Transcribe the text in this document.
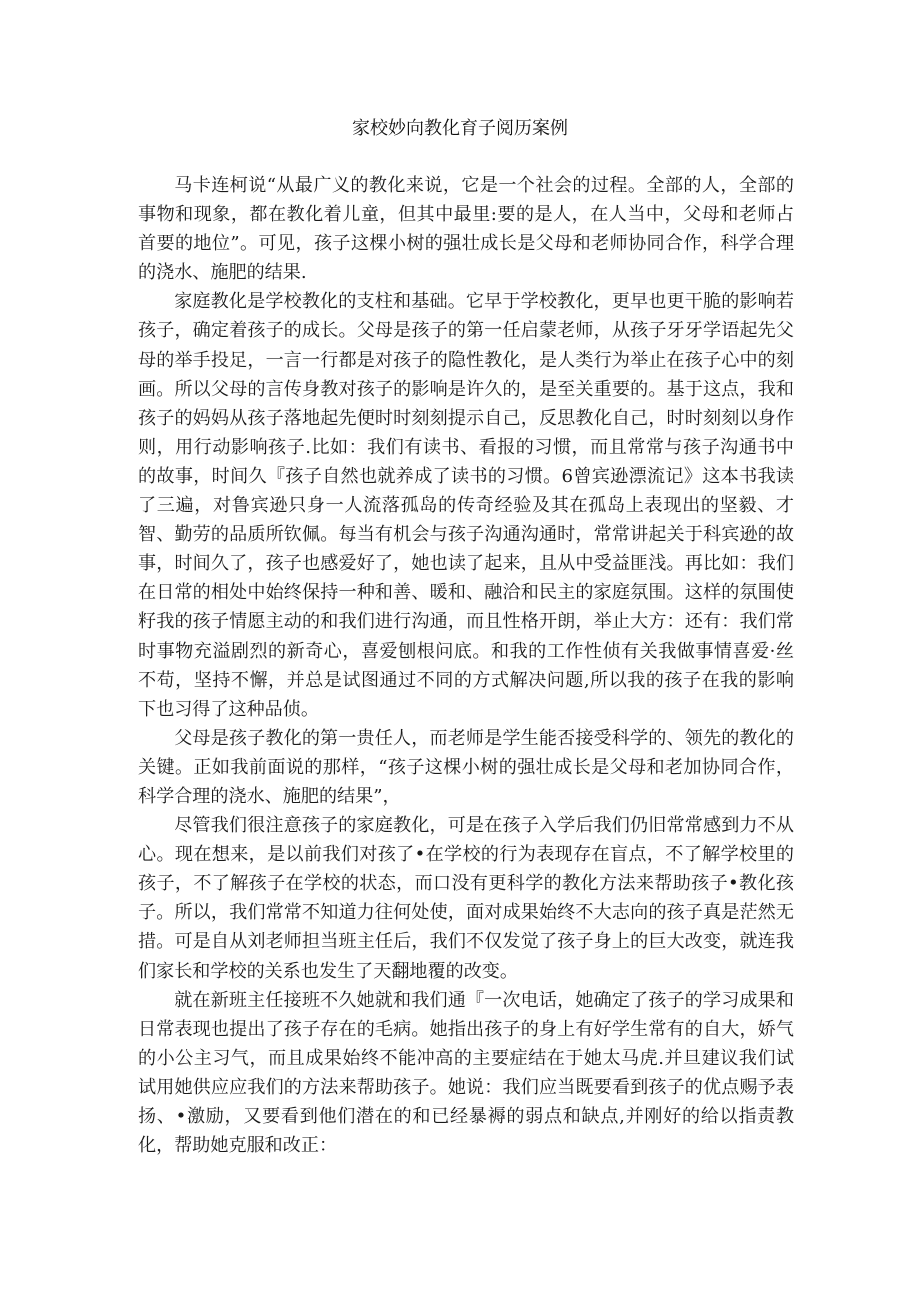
家校妙向教化育子阅历案例

马卡连柯说“从最广义的教化来说，它是一个社会的过程。全部的人，全部的事物和现象，都在教化着儿童，但其中最里:要的是人，在人当中，父母和老师占首要的地位”。可见，孩子这棵小树的强壮成长是父母和老师协同合作，科学合理的浇水、施肥的结果.

家庭教化是学校教化的支柱和基础。它早于学校教化，更早也更干脆的影响若孩子，确定着孩子的成长。父母是孩子的第一任启蒙老师，从孩子牙牙学语起先父母的举手投足，一言一行都是对孩子的隐性教化，是人类行为举止在孩子心中的刻画。所以父母的言传身教对孩子的影响是许久的，是至关重要的。基于这点，我和孩子的妈妈从孩子落地起先便时时刻刻提示自己，反思教化自己，时时刻刻以身作则，用行动影响孩子.比如：我们有读书、看报的习惯，而且常常与孩子沟通书中的故事，时间久『孩子自然也就养成了读书的习惯。6曾宾逊漂流记》这本书我读了三遍，对鲁宾逊只身一人流落孤岛的传奇经验及其在孤岛上表现出的坚毅、才智、勤劳的品质所钦佩。每当有机会与孩子沟通沟通时，常常讲起关于科宾逊的故事，时间久了，孩子也感爱好了，她也读了起来，且从中受益匪浅。再比如：我们在日常的相处中始终保持一种和善、暖和、融洽和民主的家庭氛围。这样的氛围使籽我的孩子情愿主动的和我们进行沟通，而且性格开朗，举止大方：还有：我们常时事物充溢剧烈的新奇心，喜爱刨根问底。和我的工作性侦有关我做事情喜爱·丝不苟，坚持不懈，并总是试图通过不同的方式解决问题,所以我的孩子在我的影响下也习得了这种品侦。

父母是孩子教化的第一贵任人，而老师是学生能否接受科学的、领先的教化的关键。正如我前面说的那样，“孩子这棵小树的强壮成长是父母和老加协同合作，科学合理的浇水、施肥的结果”，

尽管我们很注意孩子的家庭教化，可是在孩子入学后我们仍旧常常感到力不从心。现在想来，是以前我们对孩了•在学校的行为表现存在盲点，不了解学校里的孩子，不了解孩子在学校的状态，而口没有更科学的教化方法来帮助孩子•教化孩子。所以，我们常常不知道力往何处使，面对成果始终不大志向的孩子真是茫然无措。可是自从刘老师担当班主任后，我们不仅发觉了孩子身上的巨大改变，就连我们家长和学校的关系也发生了天翻地覆的改变。

就在新班主任接班不久她就和我们通『一次电话，她确定了孩子的学习成果和日常表现也提出了孩子存在的毛病。她指出孩子的身上有好学生常有的自大，娇气的小公主习气，而且成果始终不能冲高的主要症结在于她太马虎.并旦建议我们试试用她供应应我们的方法来帮助孩子。她说：我们应当既要看到孩子的优点赐予表扬、•激励，又要看到他们潜在的和已经暴褥的弱点和缺点,并刚好的给以指责教化，帮助她克服和改正：
